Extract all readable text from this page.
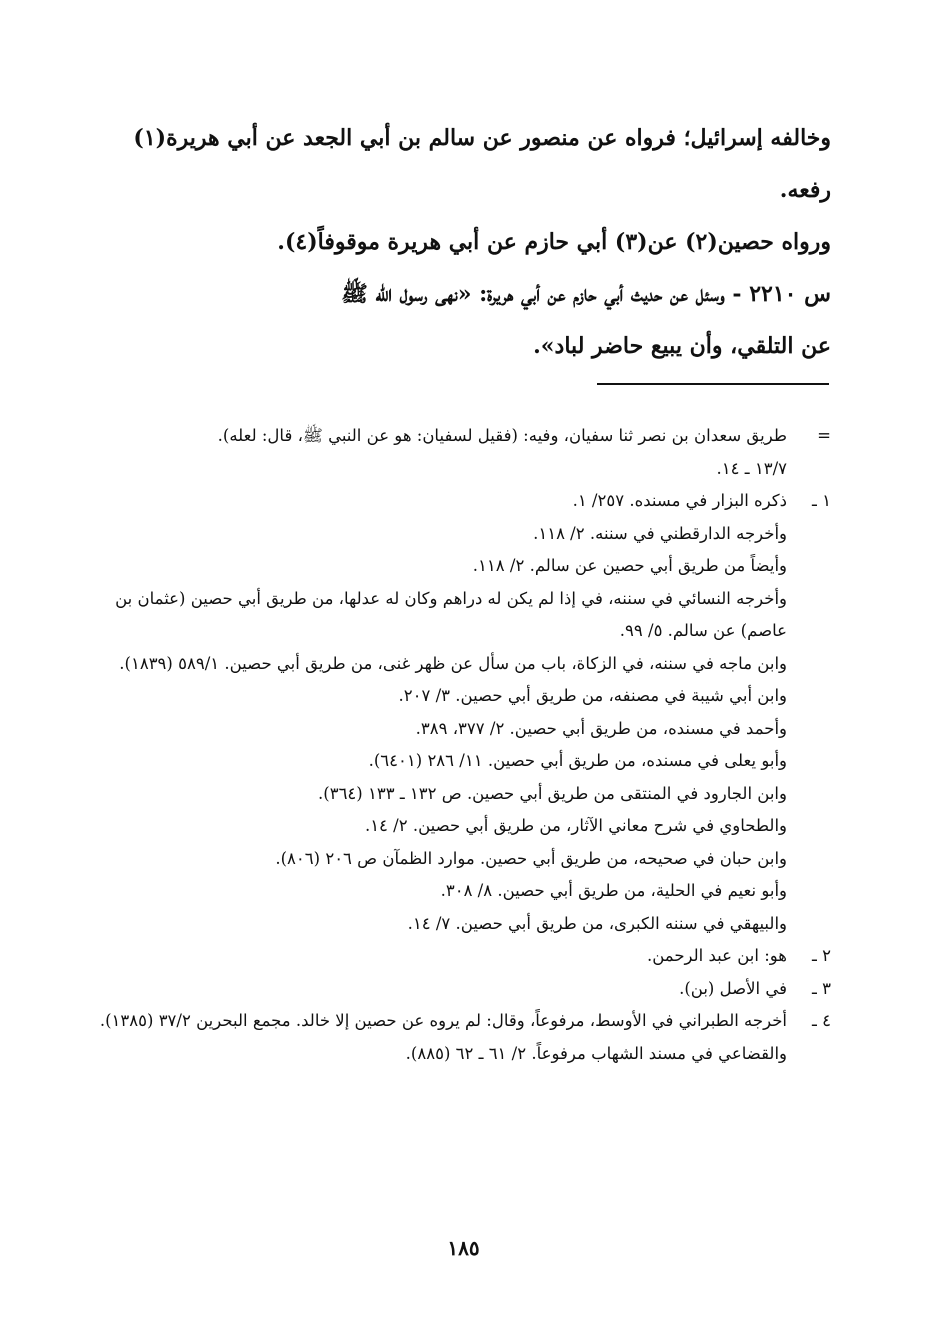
وخالفه إسرائيل؛ فرواه عن منصور عن سالم بن أبي الجعد عن أبي هريرة(١) رفعه.

ورواه حصين(٢) عن(٣) أبي حازم عن أبي هريرة موقوفاً(٤).

س ٢٢١٠ - وسئل عن حديث أبي حازم عن أبي هريرة: «نهى رسول الله ﷺ

عن التلقي، وأن يبيع حاضر لباد».

=
طريق سعدان بن نصر ثنا سفيان، وفيه: (فقيل لسفيان: هو عن النبي ﷺ، قال: لعله).
١٣/٧ ـ ١٤.
١ ـ
ذكره البزار في مسنده. ٢٥٧/ ١.
وأخرجه الدارقطني في سننه. ٢/ ١١٨.
وأيضاً من طريق أبي حصين عن سالم. ٢/ ١١٨.
وأخرجه النسائي في سننه، في إذا لم يكن له دراهم وكان له عدلها، من طريق أبي حصين (عثمان بن عاصم) عن سالم. ٥/ ٩٩.
وابن ماجه في سننه، في الزكاة، باب من سأل عن ظهر غنى، من طريق أبي حصين. ٥٨٩/١ (١٨٣٩).
وابن أبي شيبة في مصنفه، من طريق أبي حصين. ٣/ ٢٠٧.
وأحمد في مسنده، من طريق أبي حصين. ٢/ ٣٧٧، ٣٨٩.
وأبو يعلى في مسنده، من طريق أبي حصين. ١١/ ٢٨٦ (٦٤٠١).
وابن الجارود في المنتقى من طريق أبي حصين. ص ١٣٢ ـ ١٣٣ (٣٦٤).
والطحاوي في شرح معاني الآثار، من طريق أبي حصين. ٢/ ١٤.
وابن حبان في صحيحه، من طريق أبي حصين. موارد الظمآن ص ٢٠٦ (٨٠٦).
وأبو نعيم في الحلية، من طريق أبي حصين. ٨/ ٣٠٨.
والبيهقي في سننه الكبرى، من طريق أبي حصين. ٧/ ١٤.
٢ ـ
هو: ابن عبد الرحمن.
٣ ـ
في الأصل (بن).
٤ ـ
أخرجه الطبراني في الأوسط، مرفوعاً، وقال: لم يروه عن حصين إلا خالد. مجمع البحرين ٣٧/٢ (١٣٨٥).
والقضاعي في مسند الشهاب مرفوعاً. ٢/ ٦١ ـ ٦٢ (٨٨٥).
١٨٥
